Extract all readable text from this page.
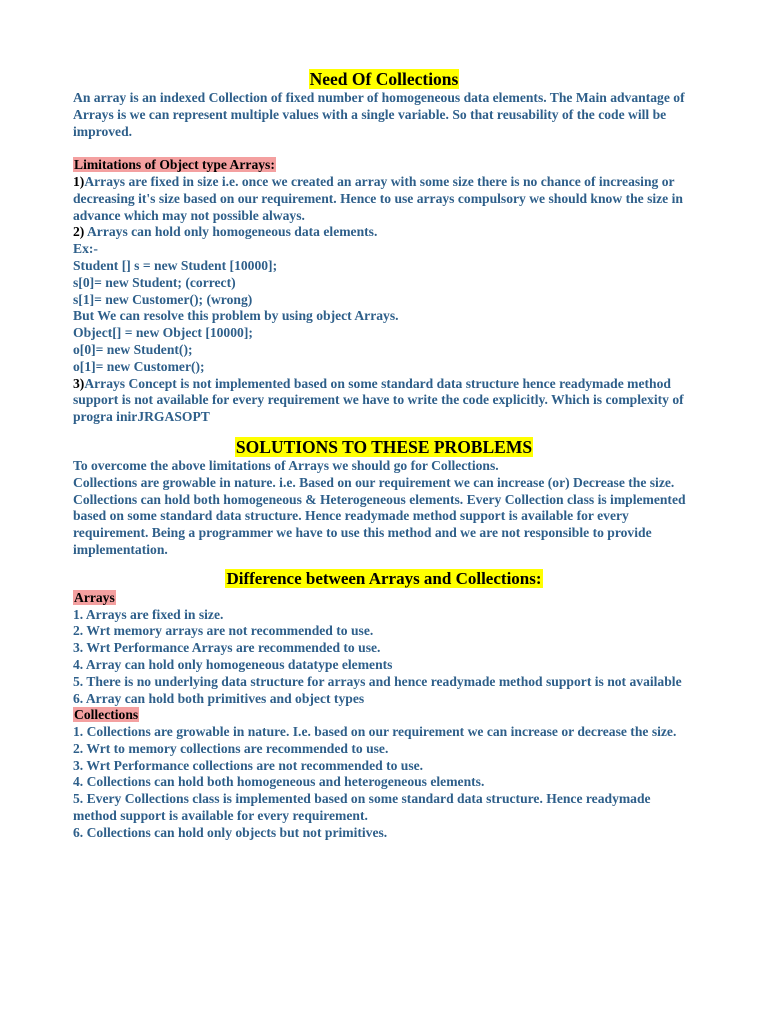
Need Of Collections

An array is an indexed Collection of fixed number of homogeneous data elements. The Main advantage of Arrays is we can represent multiple values with a single variable. So that reusability of the code will be improved.

Limitations of Object type Arrays:

1)Arrays are fixed in size i.e. once we created an array with some size there is no chance of increasing or decreasing it's size based on our requirement. Hence to use arrays compulsory we should know the size in advance which may not possible always.

2) Arrays can hold only homogeneous data elements.

Ex:-

Student [] s = new Student [10000];

s[0]= new Student; (correct)

s[1]= new Customer(); (wrong)

But We can resolve this problem by using object Arrays.

Object[] = new Object [10000];

o[0]= new Student();

o[1]= new Customer();

3)Arrays Concept is not implemented based on some standard data structure hence readymade method support is not available for every requirement we have to write the code explicitly. Which is complexity of progra inirJRGASOPT

SOLUTIONS TO THESE PROBLEMS

To overcome the above limitations of Arrays we should go for Collections.

Collections are growable in nature. i.e. Based on our requirement we can increase (or) Decrease the size.

Collections can hold both homogeneous & Heterogeneous elements. Every Collection class is implemented based on some standard data structure. Hence readymade method support is available for every requirement. Being a programmer we have to use this method and we are not responsible to provide implementation.

Difference between Arrays and Collections:

Arrays

1. Arrays are fixed in size.

2. Wrt memory arrays are not recommended to use.

3. Wrt Performance Arrays are recommended to use.

4. Array can hold only homogeneous datatype elements

5. There is no underlying data structure for arrays and hence readymade method support is not available

6. Array can hold both primitives and object types

Collections

1. Collections are growable in nature. I.e. based on our requirement we can increase or decrease the size.

2. Wrt to memory collections are recommended to use.

3. Wrt Performance collections are not recommended to use.

4. Collections can hold both homogeneous and heterogeneous elements.

5. Every Collections class is implemented based on some standard data structure. Hence readymade method support is available for every requirement.

6. Collections can hold only objects but not primitives.
